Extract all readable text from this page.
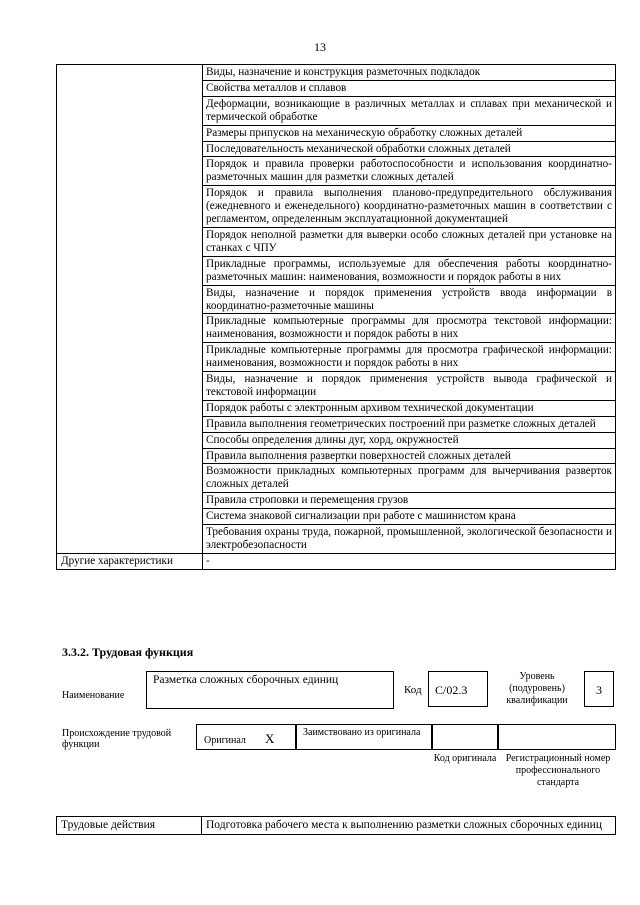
13
	Виды, назначение и конструкция разметочных подкладок
	Свойства металлов и сплавов
	Деформации, возникающие в различных металлах и сплавах при механической и термической обработке
	Размеры припусков на механическую обработку сложных деталей
	Последовательность механической обработки сложных деталей
	Порядок и правила проверки работоспособности и использования координатно-разметочных машин для разметки сложных деталей
	Порядок и правила выполнения планово-предупредительного обслуживания (ежедневного и еженедельного) координатно-разметочных машин в соответствии с регламентом, определенным эксплуатационной документацией
	Порядок неполной разметки для выверки особо сложных деталей при установке на станках с ЧПУ
	Прикладные программы, используемые для обеспечения работы координатно-разметочных машин: наименования, возможности и порядок работы в них
	Виды, назначение и порядок применения устройств ввода информации в координатно-разметочные машины
	Прикладные компьютерные программы для просмотра текстовой информации: наименования, возможности и порядок работы в них
	Прикладные компьютерные программы для просмотра графической информации: наименования, возможности и порядок работы в них
	Виды, назначение и порядок применения устройств вывода графической и текстовой информации
	Порядок работы с электронным архивом технической документации
	Правила выполнения геометрических построений при разметке сложных деталей
	Способы определения длины дуг, хорд, окружностей
	Правила выполнения развертки поверхностей сложных деталей
	Возможности прикладных компьютерных программ для вычерчивания разверток сложных деталей
	Правила строповки и перемещения грузов
	Система знаковой сигнализации при работе с машинистом крана
	Требования охраны труда, пожарной, промышленной, экологической безопасности и электробезопасности
Другие характеристики	-
3.3.2. Трудовая функция
Наименование
Разметка сложных сборочных единиц
Код	C/02.3
Уровень (подуровень) квалификации
3
Происхождение трудовой функции	Оригинал X	Заимствовано из оригинала
Код оригинала Регистрационный номер профессионального стандарта
Трудовые действия	Подготовка рабочего места к выполнению разметки сложных сборочных единиц
